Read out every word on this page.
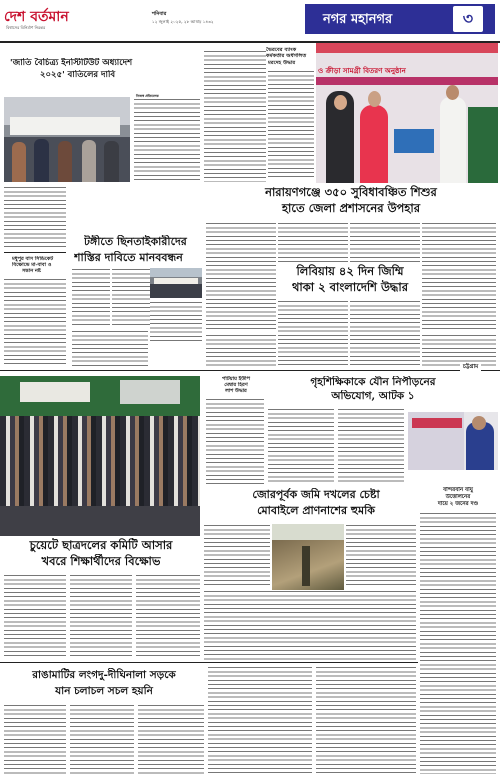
দেশ বর্তমান
বিশ্বাসের বিনির্মাণ নিরন্তর
শনিবার
১২ জুলাই ২০২৫, ২৮ আষাঢ় ১৪৩২	নগর মহানগর	৩
'জাতি বৈচিত্র্য ইনস্টিটিউট অধ্যাদেশ
২০২৫' বাতিলের দাবি
নিজস্ব প্রতিবেদক
ভৈরবের ব্যাংক
কর্মকর্তার অর্ধগলিত
মরদেহ উদ্ধার
ও ক্রীড়া সামগ্রী বিতরণ অনুষ্ঠান
নারায়ণগঞ্জে ৩৫০ সুবিধাবঞ্চিত শিশুর
হাতে জেলা প্রশাসনের উপহার
মধুপুর বাস সিন্ডিকেট
বিক্ষোভে মা-বাবা ও
সন্তান নষ্ট
টঙ্গীতে ছিনতাইকারীদের
শাস্তির দাবিতে মানববন্ধন
লিবিয়ায় ৪২ দিন জিম্মি
থাকা ২ বাংলাদেশি উদ্ধার
চট্টগ্রাম
চুয়েটে ছাত্রদলের কমিটি আসার
খবরে শিক্ষার্থীদের বিক্ষোভ
পটিয়ায় ইউপি
মেম্বার হিরণ
লাশ উদ্ধার
গৃহশিক্ষিকাকে যৌন নিপীড়নের
অভিযোগ, আটক ১
বান্দরবান বাযু
উত্তোলনের
দায়ে ২ জনের দণ্ড
জোরপূর্বক জমি দখলের চেষ্টা
মোবাইলে প্রাণনাশের হুমকি
রাঙামাটির লংগদু-দীঘিনালা সড়কে
যান চলাচল সচল হয়নি
